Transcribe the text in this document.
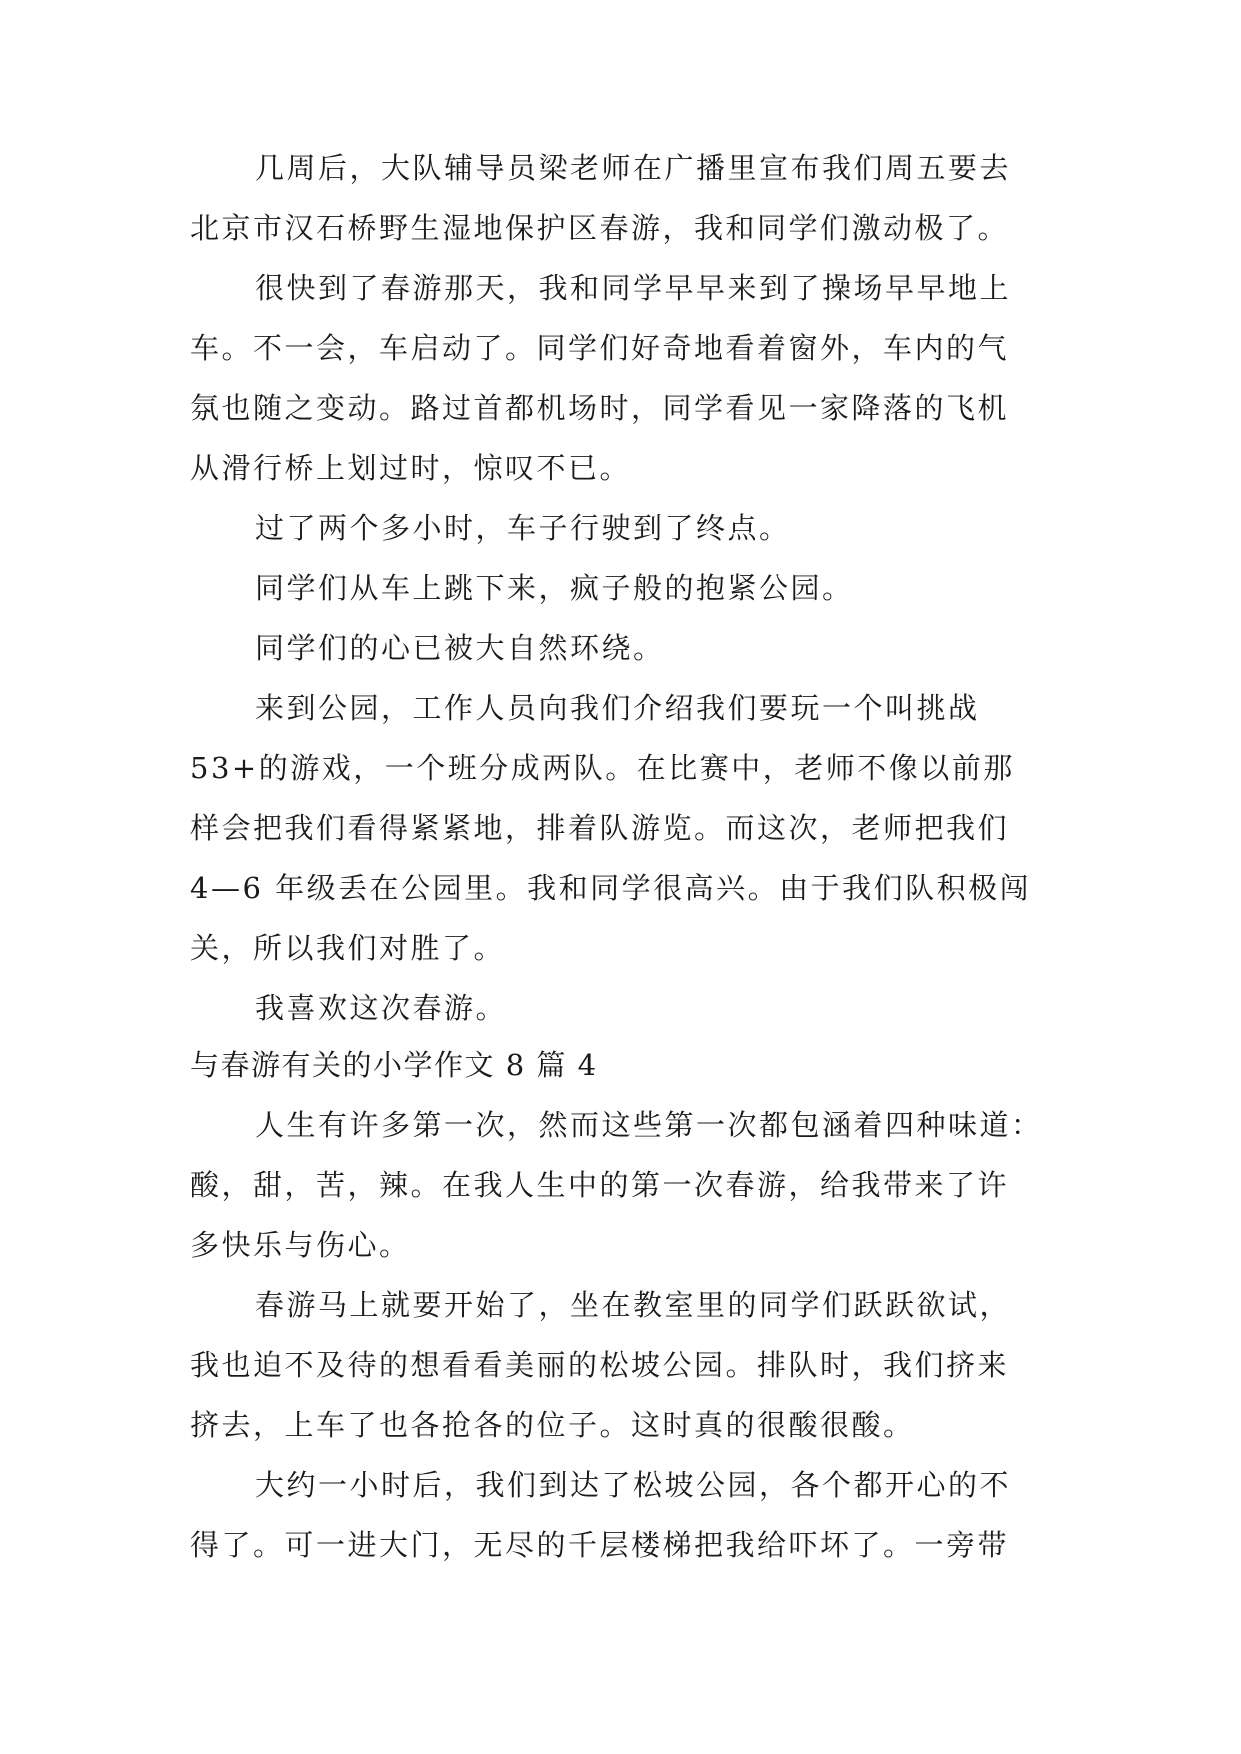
几周后，大队辅导员梁老师在广播里宣布我们周五要去
北京市汉石桥野生湿地保护区春游，我和同学们激动极了。
很快到了春游那天，我和同学早早来到了操场早早地上
车。不一会，车启动了。同学们好奇地看着窗外，车内的气
氛也随之变动。路过首都机场时，同学看见一家降落的飞机
从滑行桥上划过时，惊叹不已。
过了两个多小时，车子行驶到了终点。
同学们从车上跳下来，疯子般的抱紧公园。
同学们的心已被大自然环绕。
来到公园，工作人员向我们介绍我们要玩一个叫挑战
53+的游戏，一个班分成两队。在比赛中，老师不像以前那
样会把我们看得紧紧地，排着队游览。而这次，老师把我们
4—6 年级丢在公园里。我和同学很高兴。由于我们队积极闯
关，所以我们对胜了。
我喜欢这次春游。
与春游有关的小学作文 8 篇 4
人生有许多第一次，然而这些第一次都包涵着四种味道：
酸，甜，苦，辣。在我人生中的第一次春游，给我带来了许
多快乐与伤心。
春游马上就要开始了，坐在教室里的同学们跃跃欲试，
我也迫不及待的想看看美丽的松坡公园。排队时，我们挤来
挤去，上车了也各抢各的位子。这时真的很酸很酸。
大约一小时后，我们到达了松坡公园，各个都开心的不
得了。可一进大门，无尽的千层楼梯把我给吓坏了。一旁带
